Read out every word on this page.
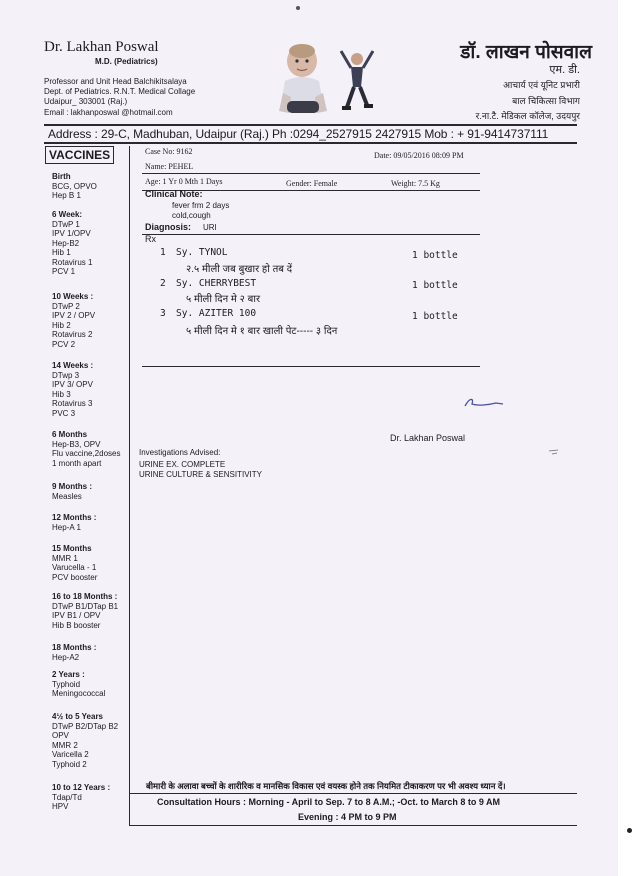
Dr. Lakhan Poswal
M.D. (Pediatrics)
Professor and Unit Head Balchikitsalaya
Dept. of Pediatrics. R.N.T. Medical Collage
Udaipur_ 303001 (Raj.)
Email : lakhanposwal @hotmail.com
डॉ. लाखन पोसवाल
एम. डी.
आचार्य एवं यूनिट प्रभारी
बाल चिकित्सा विभाग
र.ना.टै. मेडिकल कॉलेज, उदयपुर
Address : 29-C, Madhuban, Udaipur (Raj.) Ph :0294_2527915 2427915 Mob : + 91-9414737111
VACCINES
Birth
BCG, OPVO
Hep B 1
6 Week:
DTwP 1
IPV 1/OPV
Hep-B2
Hib 1
Rotavirus 1
PCV 1
10 Weeks :
DTwP 2
IPV 2 / OPV
Hib 2
Rotavirus 2
PCV 2
14 Weeks :
DTwp 3
IPV 3/ OPV
Hib 3
Rotavirus 3
PVC 3
6 Months
Hep-B3, OPV
Flu vaccine,2doses
1 month apart
9 Months :
Measles
12 Months :
Hep-A 1
15 Months
MMR 1
Varucella - 1
PCV booster
16 to 18 Months :
DTwP B1/DTap B1
IPV B1 / OPV
Hib B booster
18 Months :
Hep-A2
2 Years :
Typhoid
Meningococcal
4½ to 5 Years
DTwP B2/DTap B2
OPV
MMR 2
Varicella 2
Typhoid 2
10 to 12 Years :
Tdap/Td
HPV
Case No: 9162	Date: 09/05/2016 08:09 PM
Name: PEHEL
Age: 1 Yr 0 Mth 1 Days	Gender: Female	Weight: 7.5 Kg
Clinical Note:
fever frm 2 days
cold,cough
Diagnosis: URI
Rx
1 Sy. TYNOL	1 bottle
२.५ मीली जब बुखार हो तब दें
2 Sy. CHERRYBEST	1 bottle
५ मीली दिन मे २ बार
3 Sy. AZITER 100	1 bottle
५ मीली दिन मे १ बार खाली पेट----- ३ दिन
Dr. Lakhan Poswal
Investigations Advised:
URINE EX. COMPLETE
URINE CULTURE & SENSITIVITY
बीमारी के अलावा बच्चों के शारीरिक व मानसिक विकास एवं वयस्क होने तक नियमित टीकाकरण पर भी अवश्य ध्यान दें।
Consultation Hours : Morning - April to Sep. 7 to 8 A.M.; -Oct. to March 8 to 9 AM
Evening : 4 PM to 9 PM
